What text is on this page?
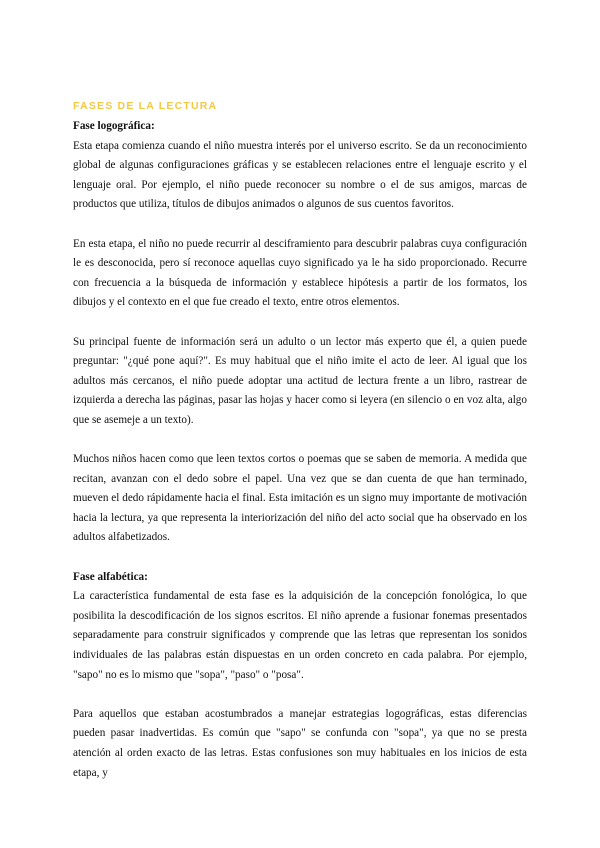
FASES DE LA LECTURA

Fase logográfica:

Esta etapa comienza cuando el niño muestra interés por el universo escrito. Se da un reconocimiento global de algunas configuraciones gráficas y se establecen relaciones entre el lenguaje escrito y el lenguaje oral. Por ejemplo, el niño puede reconocer su nombre o el de sus amigos, marcas de productos que utiliza, títulos de dibujos animados o algunos de sus cuentos favoritos.

En esta etapa, el niño no puede recurrir al desciframiento para descubrir palabras cuya configuración le es desconocida, pero sí reconoce aquellas cuyo significado ya le ha sido proporcionado. Recurre con frecuencia a la búsqueda de información y establece hipótesis a partir de los formatos, los dibujos y el contexto en el que fue creado el texto, entre otros elementos.

Su principal fuente de información será un adulto o un lector más experto que él, a quien puede preguntar: "¿qué pone aquí?". Es muy habitual que el niño imite el acto de leer. Al igual que los adultos más cercanos, el niño puede adoptar una actitud de lectura frente a un libro, rastrear de izquierda a derecha las páginas, pasar las hojas y hacer como si leyera (en silencio o en voz alta, algo que se asemeje a un texto).

Muchos niños hacen como que leen textos cortos o poemas que se saben de memoria. A medida que recitan, avanzan con el dedo sobre el papel. Una vez que se dan cuenta de que han terminado, mueven el dedo rápidamente hacia el final. Esta imitación es un signo muy importante de motivación hacia la lectura, ya que representa la interiorización del niño del acto social que ha observado en los adultos alfabetizados.

Fase alfabética:

La característica fundamental de esta fase es la adquisición de la concepción fonológica, lo que posibilita la descodificación de los signos escritos. El niño aprende a fusionar fonemas presentados separadamente para construir significados y comprende que las letras que representan los sonidos individuales de las palabras están dispuestas en un orden concreto en cada palabra. Por ejemplo, "sapo" no es lo mismo que "sopa", "paso" o "posa".

Para aquellos que estaban acostumbrados a manejar estrategias logográficas, estas diferencias pueden pasar inadvertidas. Es común que "sapo" se confunda con "sopa", ya que no se presta atención al orden exacto de las letras. Estas confusiones son muy habituales en los inicios de esta etapa, y
